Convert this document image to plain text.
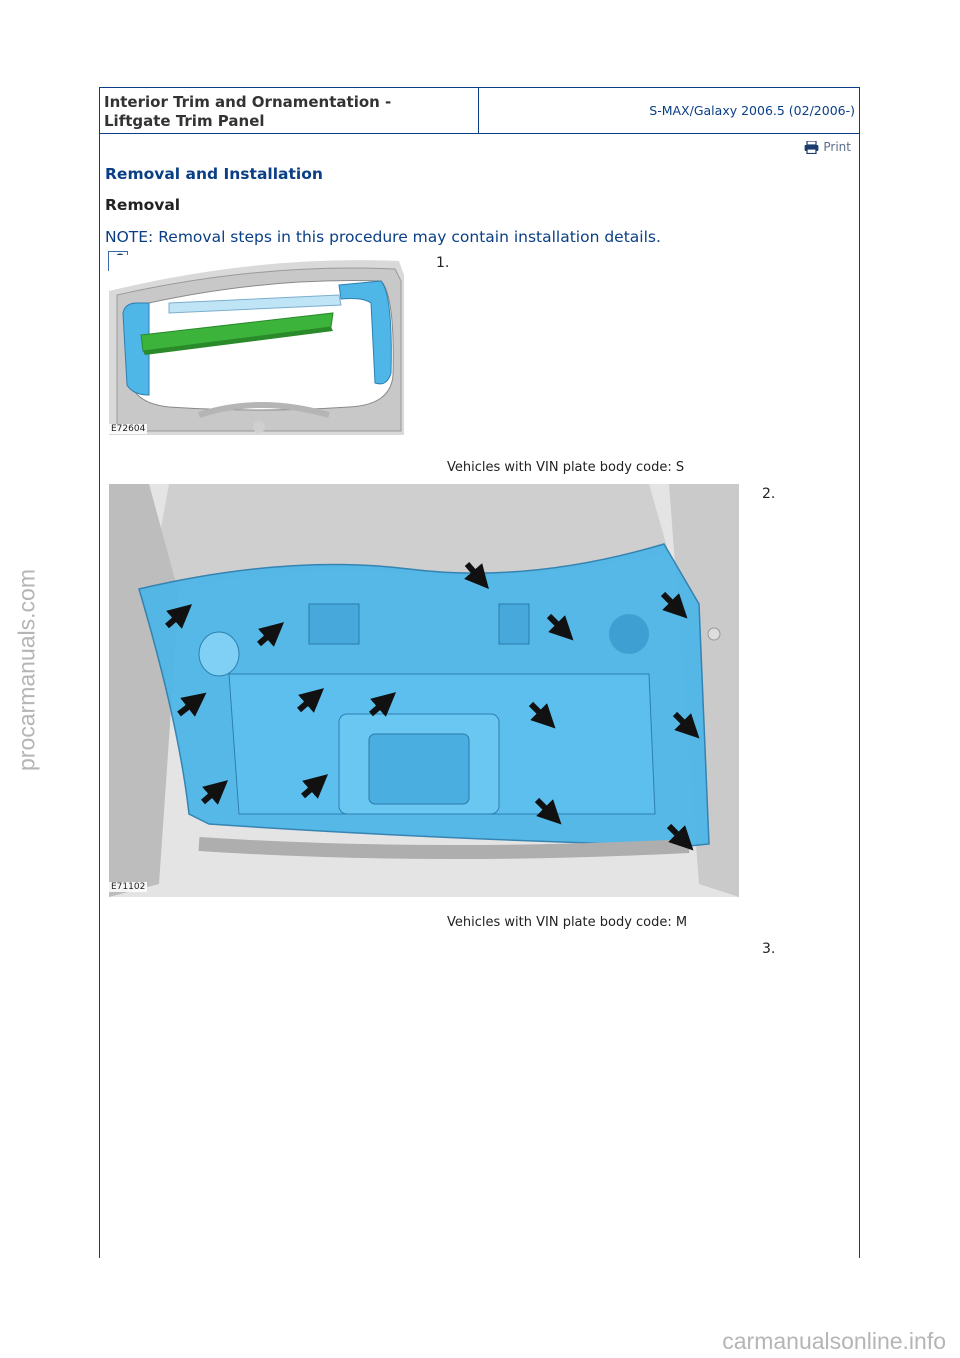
Interior Trim and Ornamentation -
Liftgate Trim Panel
S-MAX/Galaxy 2006.5 (02/2006-)
Print
Removal and Installation
Removal
NOTE: Removal steps in this procedure may contain installation details.
E72604
1.
Vehicles with VIN plate body code: S
E71102
2.
Vehicles with VIN plate body code: M
3.
procarmanuals.com
carmanualsonline.info
